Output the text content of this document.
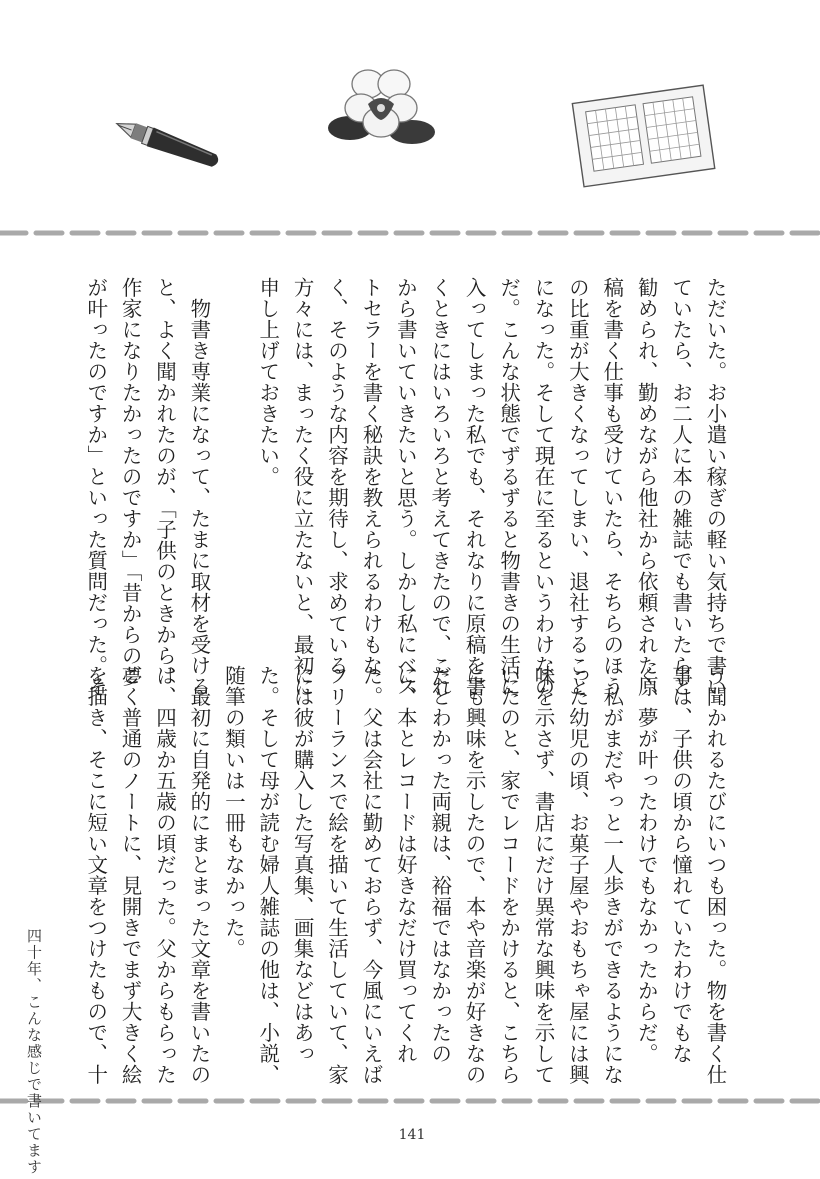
ただいた。お小遣い稼ぎの軽い気持ちで書い
ていたら、お二人に本の雑誌でも書いたらと
勧められ、勤めながら他社から依頼された原
稿を書く仕事も受けていたら、そちらのほう
の比重が大きくなってしまい、退社すること
になった。そして現在に至るというわけなの
だ。こんな状態でずるずると物書きの生活に
入ってしまった私でも、それなりに原稿を書
くときにはいろいろと考えてきたので、これ
から書いていきたいと思う。しかし私にベス
トセラーを書く秘訣を教えられるわけもな
く、そのような内容を期待し、求めている
方々には、まったく役に立たないと、最初に
申し上げておきたい。

　物書き専業になって、たまに取材を受ける
と、よく聞かれたのが、「子供のときから、
作家になりたかったのですか」「昔からの夢
が叶ったのですか」といった質問だった。そ
う聞かれるたびにいつも困った。物を書く仕
事は、子供の頃から憧れていたわけでもな
く、夢が叶ったわけでもなかったからだ。
　私がまだやっと一人歩きができるようにな
った幼児の頃、お菓子屋やおもちゃ屋には興
味を示さず、書店にだけ異常な興味を示して
いたのと、家でレコードをかけると、こちら
にも興味を示したので、本や音楽が好きなの
だとわかった両親は、裕福ではなかったの
に、本とレコードは好きなだけ買ってくれ
た。父は会社に勤めておらず、今風にいえば
フリーランスで絵を描いて生活していて、家
には彼が購入した写真集、画集などはあっ
た。そして母が読む婦人雑誌の他は、小説、
随筆の類いは一冊もなかった。
　最初に自発的にまとまった文章を書いたの
は、四歳か五歳の頃だった。父からもらった
ごく普通のノートに、見開きでまず大きく絵
を描き、そこに短い文章をつけたもので、十
四十年、こんな感じで書いてます	141
